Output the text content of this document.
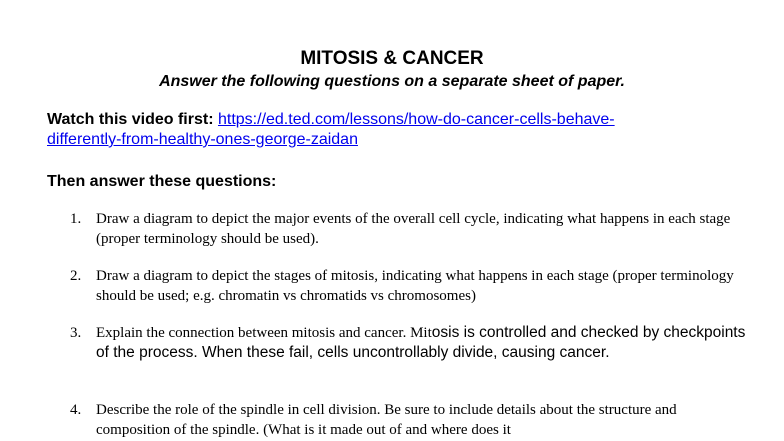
MITOSIS & CANCER

Answer the following questions on a separate sheet of paper.

Watch this video first: https://ed.ted.com/lessons/how-do-cancer-cells-behave-
differently-from-healthy-ones-george-zaidan

Then answer these questions:

1. Draw a diagram to depict the major events of the overall cell cycle, indicating what happens in each stage (proper terminology should be used).
2. Draw a diagram to depict the stages of mitosis, indicating what happens in each stage (proper terminology should be used; e.g. chromatin vs chromatids vs chromosomes)
3. Explain the connection between mitosis and cancer. Mitosis is controlled and checked by checkpoints of the process. When these fail, cells uncontrollably divide, causing cancer.
4. Describe the role of the spindle in cell division. Be sure to include details about the structure and composition of the spindle. (What is it made out of and where does it
